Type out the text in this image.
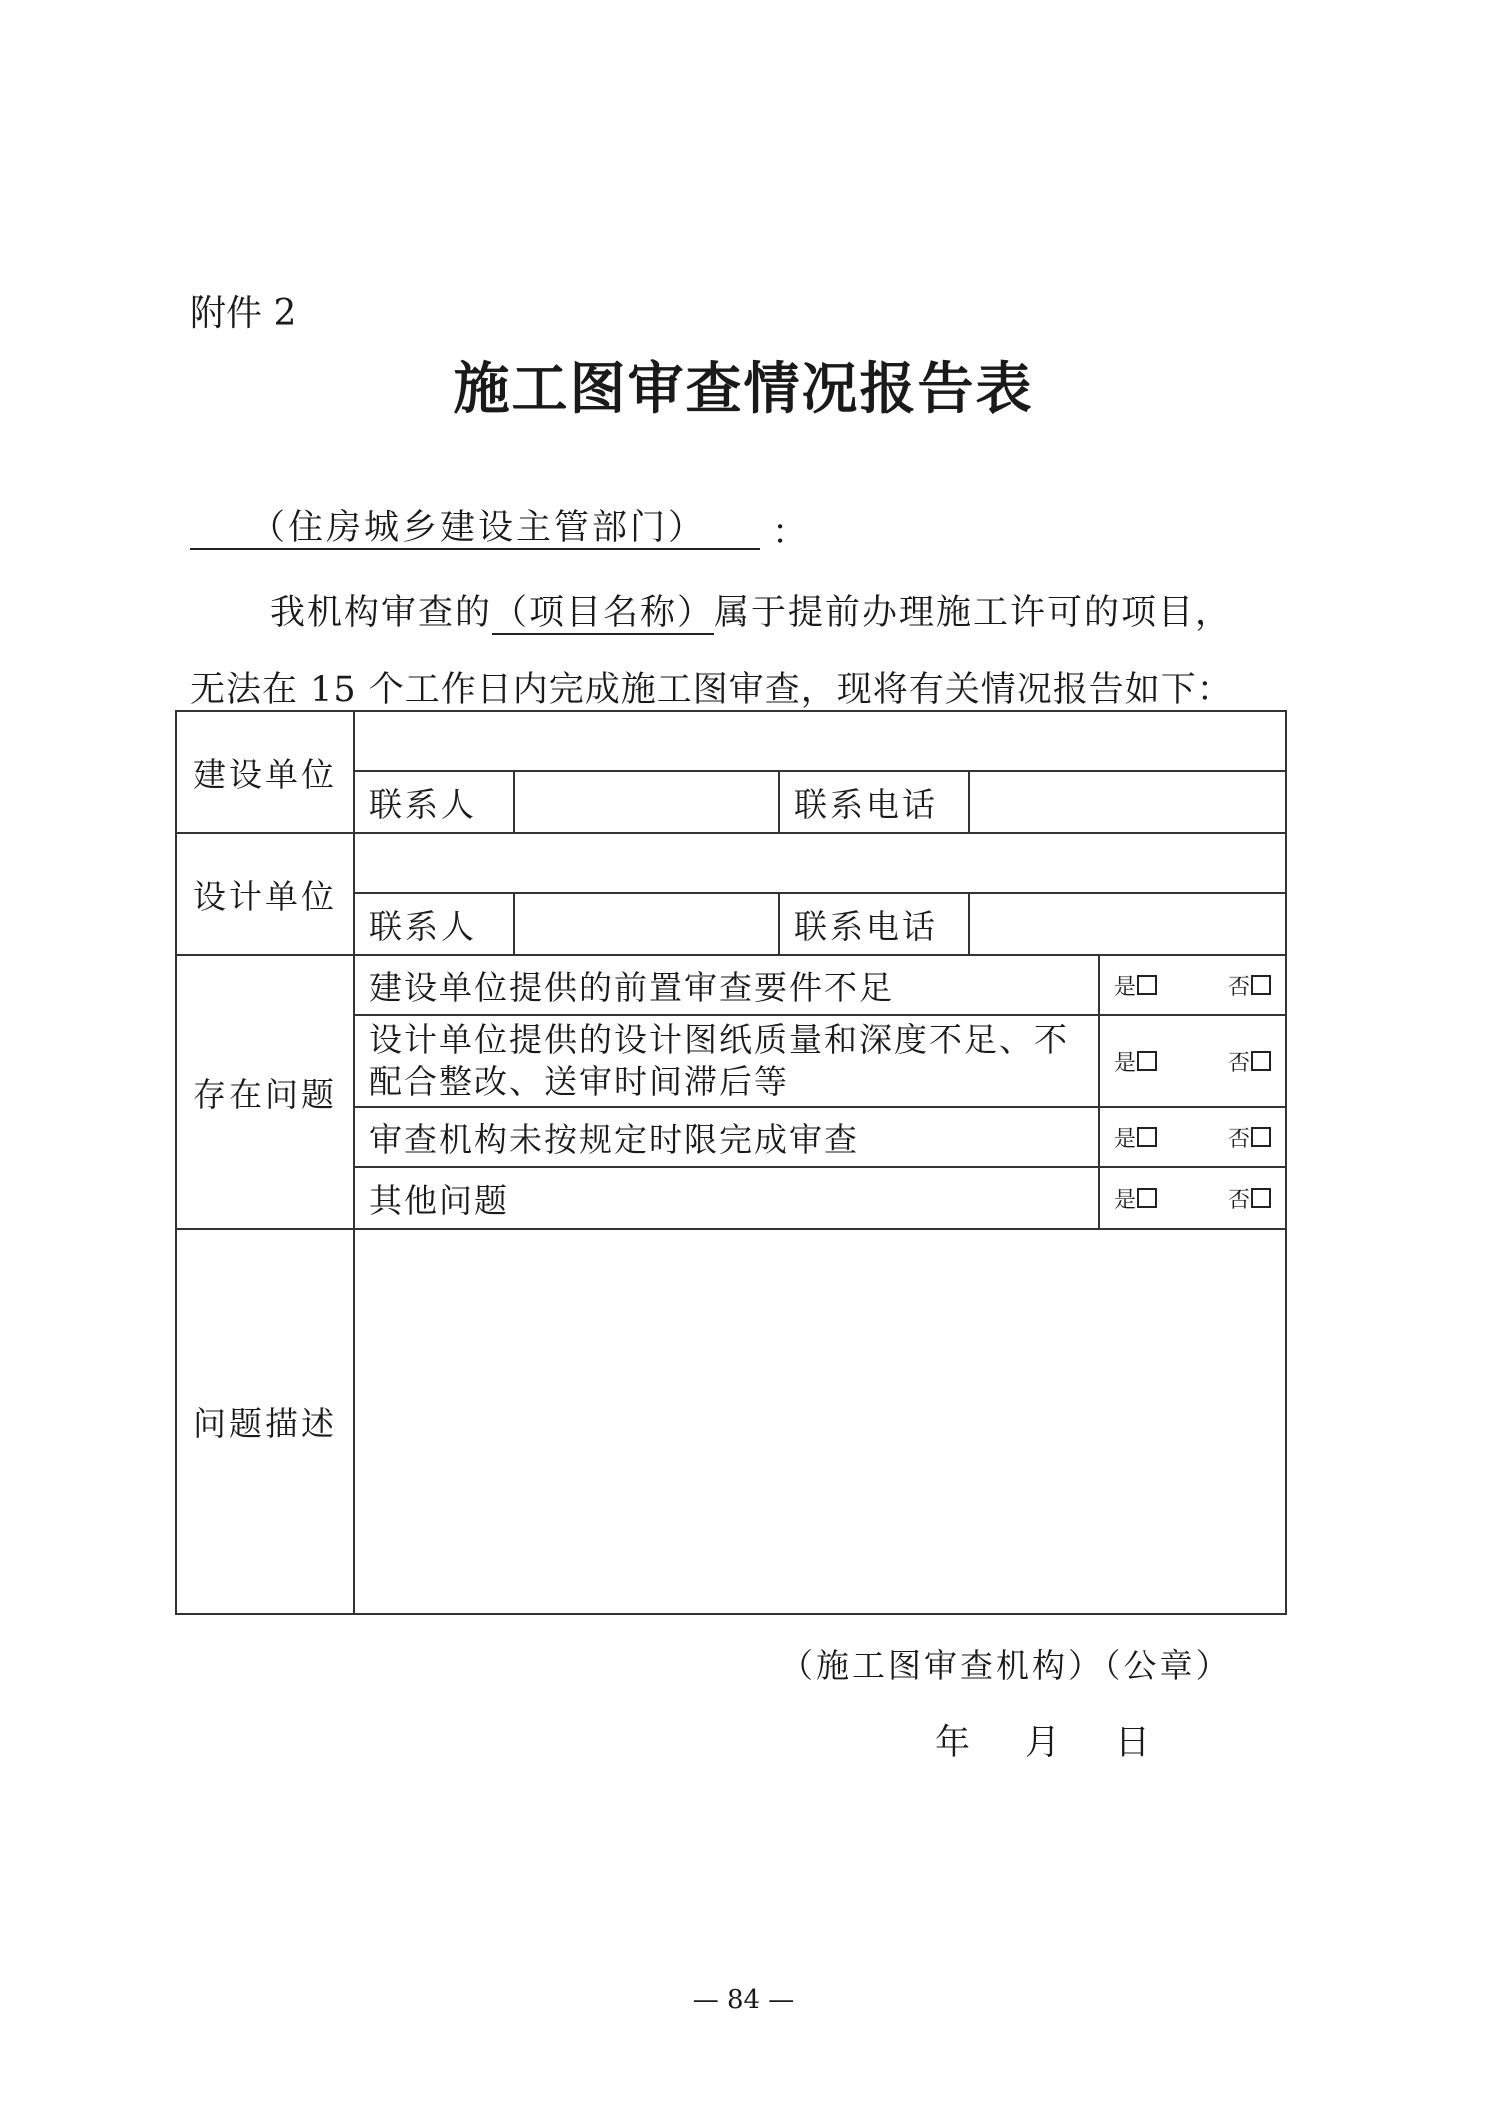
附件 2
施工图审查情况报告表
（住房城乡建设主管部门） ：
我机构审查的（项目名称）属于提前办理施工许可的项目，
无法在 15 个工作日内完成施工图审查，现将有关情况报告如下：
建设单位					
	联系人		联系电话		
设计单位					
	联系人		联系电话		
存在问题	建设单位提供的前置审查要件不足				是 否

	设计单位提供的设计图纸质量和深度不足、不配合整改、送审时间滞后等				是 否

	审查机构未按规定时限完成审查				是 否

	其他问题				是 否

问题描述					
（施工图审查机构）（公章）
年 月 日
— 84 —
